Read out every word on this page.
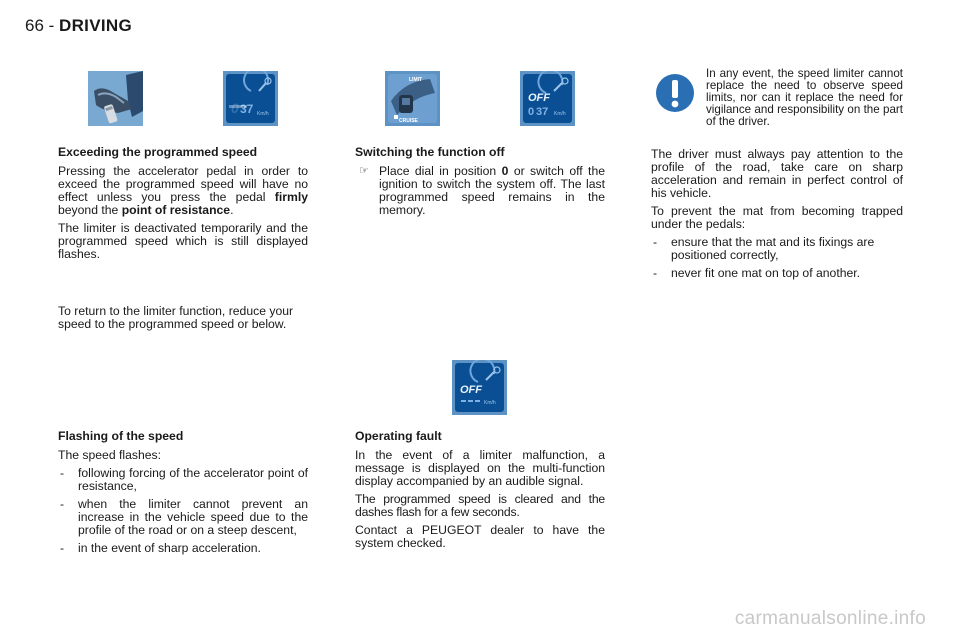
66 - DRIVING
0 37 Km/h
LIMIT
CRUISE
OFF
0 37 Km/h
OFF
Km/h
Exceeding the programmed speed

Pressing the accelerator pedal in order to exceed the programmed speed will have no effect unless you press the pedal firmly beyond the point of resistance.

The limiter is deactivated temporarily and the programmed speed which is still displayed flashes.

To return to the limiter function, reduce your speed to the programmed speed or below.

Flashing of the speed

The speed flashes:

- following forcing of the accelerator point of resistance,
- when the limiter cannot prevent an increase in the vehicle speed due to the profile of the road or on a steep descent,
- in the event of sharp acceleration.
Switching the function off
☞ Place dial in position 0 or switch off the ignition to switch the system off. The last programmed speed remains in the memory.
Operating fault

In the event of a limiter malfunction, a message is displayed on the multi-function display accompanied by an audible signal.

The programmed speed is cleared and the dashes flash for a few seconds.

Contact a PEUGEOT dealer to have the system checked.

In any event, the speed limiter cannot replace the need to observe speed limits, nor can it replace the need for vigilance and responsibility on the part of the driver.

The driver must always pay attention to the profile of the road, take care on sharp acceleration and remain in perfect control of his vehicle.

To prevent the mat from becoming trapped under the pedals:

- ensure that the mat and its fixings are positioned correctly,
- never fit one mat on top of another.
carmanualsonline.info
